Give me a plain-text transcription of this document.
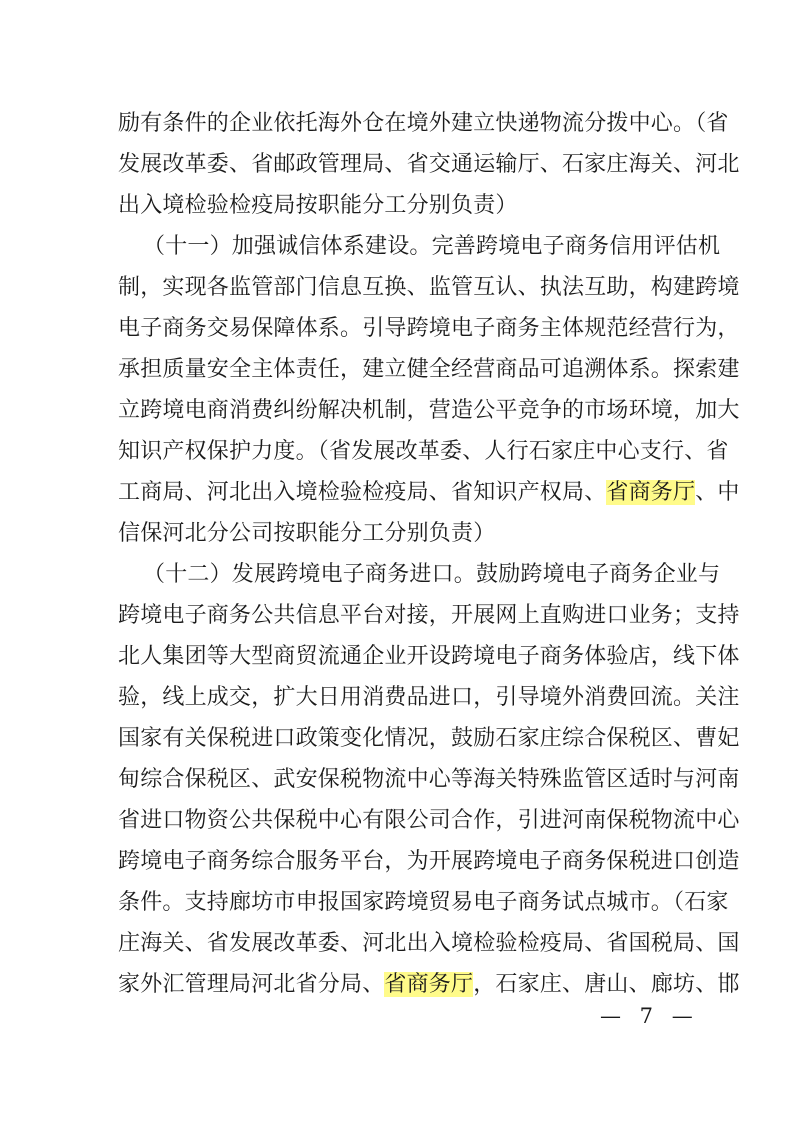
励有条件的企业依托海外仓在境外建立快递物流分拨中心。（省
发展改革委、省邮政管理局、省交通运输厅、石家庄海关、河北
出入境检验检疫局按职能分工分别负责）
（十一）加强诚信体系建设。完善跨境电子商务信用评估机
制，实现各监管部门信息互换、监管互认、执法互助，构建跨境
电子商务交易保障体系。引导跨境电子商务主体规范经营行为，
承担质量安全主体责任，建立健全经营商品可追溯体系。探索建
立跨境电商消费纠纷解决机制，营造公平竞争的市场环境，加大
知识产权保护力度。（省发展改革委、人行石家庄中心支行、省
工商局、河北出入境检验检疫局、省知识产权局、省商务厅、中
信保河北分公司按职能分工分别负责）
（十二）发展跨境电子商务进口。鼓励跨境电子商务企业与
跨境电子商务公共信息平台对接，开展网上直购进口业务；支持
北人集团等大型商贸流通企业开设跨境电子商务体验店，线下体
验，线上成交，扩大日用消费品进口，引导境外消费回流。关注
国家有关保税进口政策变化情况，鼓励石家庄综合保税区、曹妃
甸综合保税区、武安保税物流中心等海关特殊监管区适时与河南
省进口物资公共保税中心有限公司合作，引进河南保税物流中心
跨境电子商务综合服务平台，为开展跨境电子商务保税进口创造
条件。支持廊坊市申报国家跨境贸易电子商务试点城市。（石家
庄海关、省发展改革委、河北出入境检验检疫局、省国税局、国
家外汇管理局河北省分局、省商务厅，石家庄、唐山、廊坊、邯
— 7 —
